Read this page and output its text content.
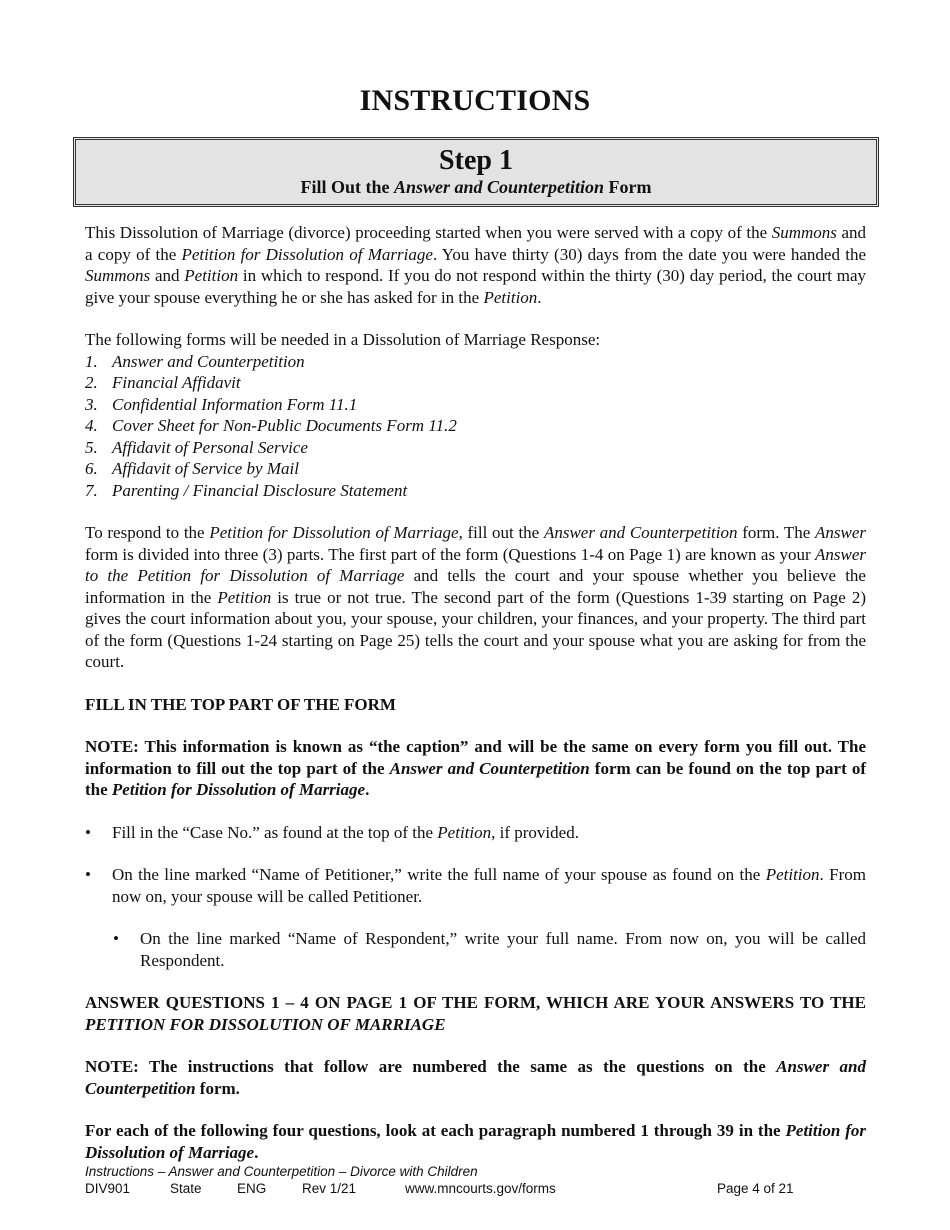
INSTRUCTIONS
Step 1
Fill Out the Answer and Counterpetition Form

This Dissolution of Marriage (divorce) proceeding started when you were served with a copy of the Summons and a copy of the Petition for Dissolution of Marriage. You have thirty (30) days from the date you were handed the Summons and Petition in which to respond. If you do not respond within the thirty (30) day period, the court may give your spouse everything he or she has asked for in the Petition.

The following forms will be needed in a Dissolution of Marriage Response:

1. Answer and Counterpetition
2. Financial Affidavit
3. Confidential Information Form 11.1
4. Cover Sheet for Non-Public Documents Form 11.2
5. Affidavit of Personal Service
6. Affidavit of Service by Mail
7. Parenting / Financial Disclosure Statement

To respond to the Petition for Dissolution of Marriage, fill out the Answer and Counterpetition form. The Answer form is divided into three (3) parts. The first part of the form (Questions 1-4 on Page 1) are known as your Answer to the Petition for Dissolution of Marriage and tells the court and your spouse whether you believe the information in the Petition is true or not true. The second part of the form (Questions 1-39 starting on Page 2) gives the court information about you, your spouse, your children, your finances, and your property. The third part of the form (Questions 1-24 starting on Page 25) tells the court and your spouse what you are asking for from the court.

FILL IN THE TOP PART OF THE FORM

NOTE: This information is known as “the caption” and will be the same on every form you fill out. The information to fill out the top part of the Answer and Counterpetition form can be found on the top part of the Petition for Dissolution of Marriage.

• Fill in the “Case No.” as found at the top of the Petition, if provided.

• On the line marked “Name of Petitioner,” write the full name of your spouse as found on the Petition. From now on, your spouse will be called Petitioner.

• On the line marked “Name of Respondent,” write your full name. From now on, you will be called Respondent.

ANSWER QUESTIONS 1 – 4 ON PAGE 1 OF THE FORM, WHICH ARE YOUR ANSWERS TO THE PETITION FOR DISSOLUTION OF MARRIAGE

NOTE: The instructions that follow are numbered the same as the questions on the Answer and Counterpetition form.

For each of the following four questions, look at each paragraph numbered 1 through 39 in the Petition for Dissolution of Marriage.

Instructions – Answer and Counterpetition – Divorce with Children
DIV901	State	ENG	Rev 1/21	www.mncourts.gov/forms	Page 4 of 21
